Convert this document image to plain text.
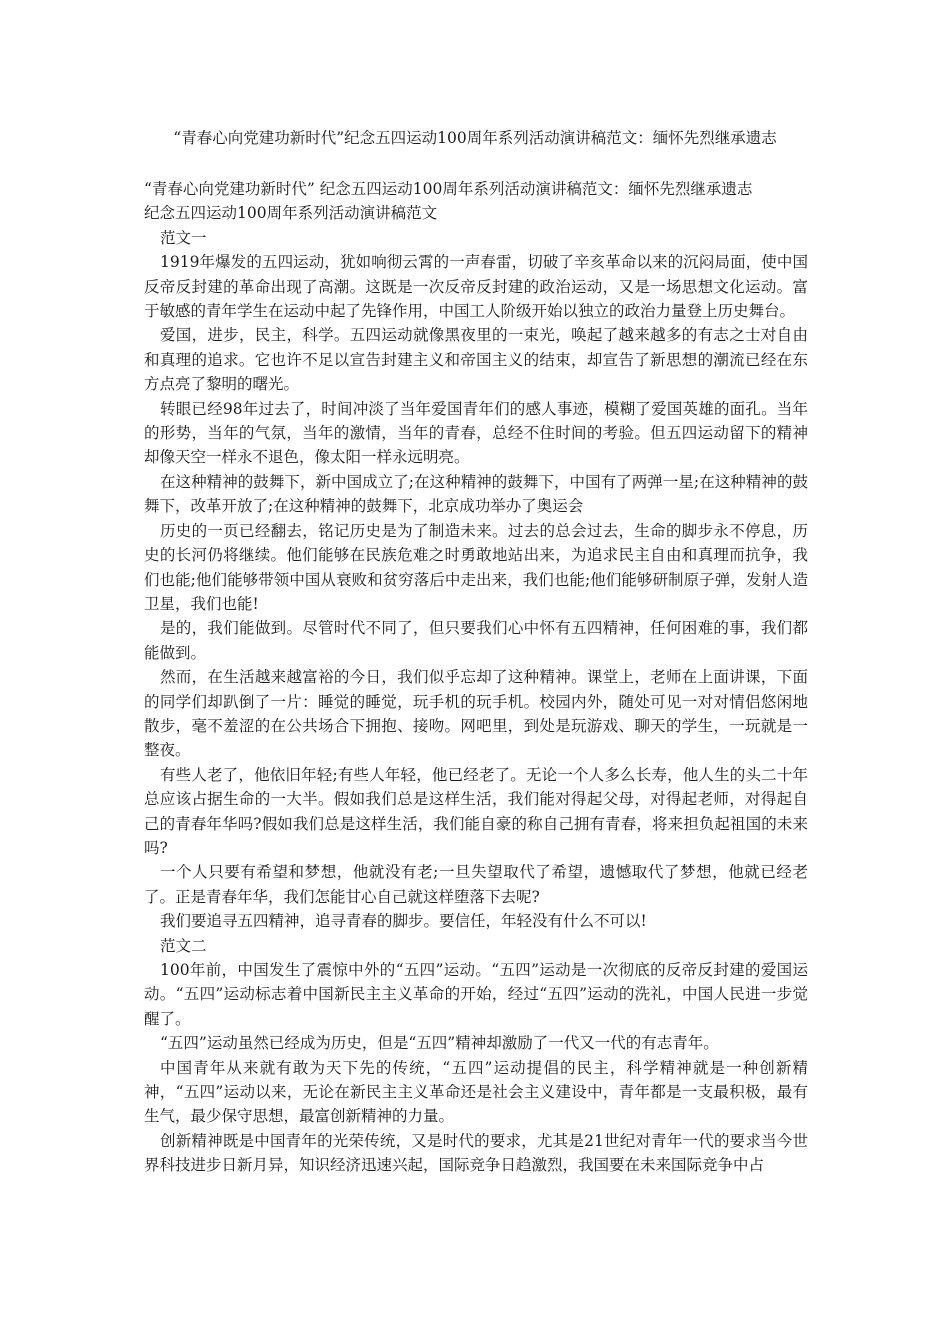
“青春心向党建功新时代”纪念五四运动100周年系列活动演讲稿范文：缅怀先烈继承遗志

“青春心向党建功新时代” 纪念五四运动100周年系列活动演讲稿范文：缅怀先烈继承遗志

纪念五四运动100周年系列活动演讲稿范文

范文一

1919年爆发的五四运动，犹如响彻云霄的一声春雷，切破了辛亥革命以来的沉闷局面，使中国反帝反封建的革命出现了高潮。这既是一次反帝反封建的政治运动，又是一场思想文化运动。富于敏感的青年学生在运动中起了先锋作用，中国工人阶级开始以独立的政治力量登上历史舞台。

爱国，进步，民主，科学。五四运动就像黑夜里的一束光，唤起了越来越多的有志之士对自由和真理的追求。它也许不足以宣告封建主义和帝国主义的结束，却宣告了新思想的潮流已经在东方点亮了黎明的曙光。

转眼已经98年过去了，时间冲淡了当年爱国青年们的感人事迹，模糊了爱国英雄的面孔。当年的形势，当年的气氛，当年的激情，当年的青春，总经不住时间的考验。但五四运动留下的精神却像天空一样永不退色，像太阳一样永远明亮。

在这种精神的鼓舞下，新中国成立了;在这种精神的鼓舞下，中国有了两弹一星;在这种精神的鼓舞下，改革开放了;在这种精神的鼓舞下，北京成功举办了奥运会

历史的一页已经翻去，铭记历史是为了制造未来。过去的总会过去，生命的脚步永不停息，历史的长河仍将继续。他们能够在民族危难之时勇敢地站出来，为追求民主自由和真理而抗争，我们也能;他们能够带领中国从衰败和贫穷落后中走出来，我们也能;他们能够研制原子弹，发射人造卫星，我们也能!

是的，我们能做到。尽管时代不同了，但只要我们心中怀有五四精神，任何困难的事，我们都能做到。

然而，在生活越来越富裕的今日，我们似乎忘却了这种精神。课堂上，老师在上面讲课，下面的同学们却趴倒了一片：睡觉的睡觉，玩手机的玩手机。校园内外，随处可见一对对情侣悠闲地散步，毫不羞涩的在公共场合下拥抱、接吻。网吧里，到处是玩游戏、聊天的学生，一玩就是一整夜。

有些人老了，他依旧年轻;有些人年轻，他已经老了。无论一个人多么长寿，他人生的头二十年总应该占据生命的一大半。假如我们总是这样生活，我们能对得起父母，对得起老师，对得起自己的青春年华吗?假如我们总是这样生活，我们能自豪的称自己拥有青春，将来担负起祖国的未来吗?

一个人只要有希望和梦想，他就没有老;一旦失望取代了希望，遗憾取代了梦想，他就已经老了。正是青春年华，我们怎能甘心自己就这样堕落下去呢?

我们要追寻五四精神，追寻青春的脚步。要信任，年轻没有什么不可以!

范文二

100年前，中国发生了震惊中外的“五四”运动。“五四”运动是一次彻底的反帝反封建的爱国运动。“五四”运动标志着中国新民主主义革命的开始，经过“五四”运动的洗礼，中国人民进一步觉醒了。

“五四”运动虽然已经成为历史，但是“五四”精神却激励了一代又一代的有志青年。

中国青年从来就有敢为天下先的传统，“五四”运动提倡的民主，科学精神就是一种创新精神，“五四”运动以来，无论在新民主主义革命还是社会主义建设中，青年都是一支最积极，最有生气，最少保守思想，最富创新精神的力量。

创新精神既是中国青年的光荣传统，又是时代的要求，尤其是21世纪对青年一代的要求当今世界科技进步日新月异，知识经济迅速兴起，国际竞争日趋激烈，我国要在未来国际竞争中占
